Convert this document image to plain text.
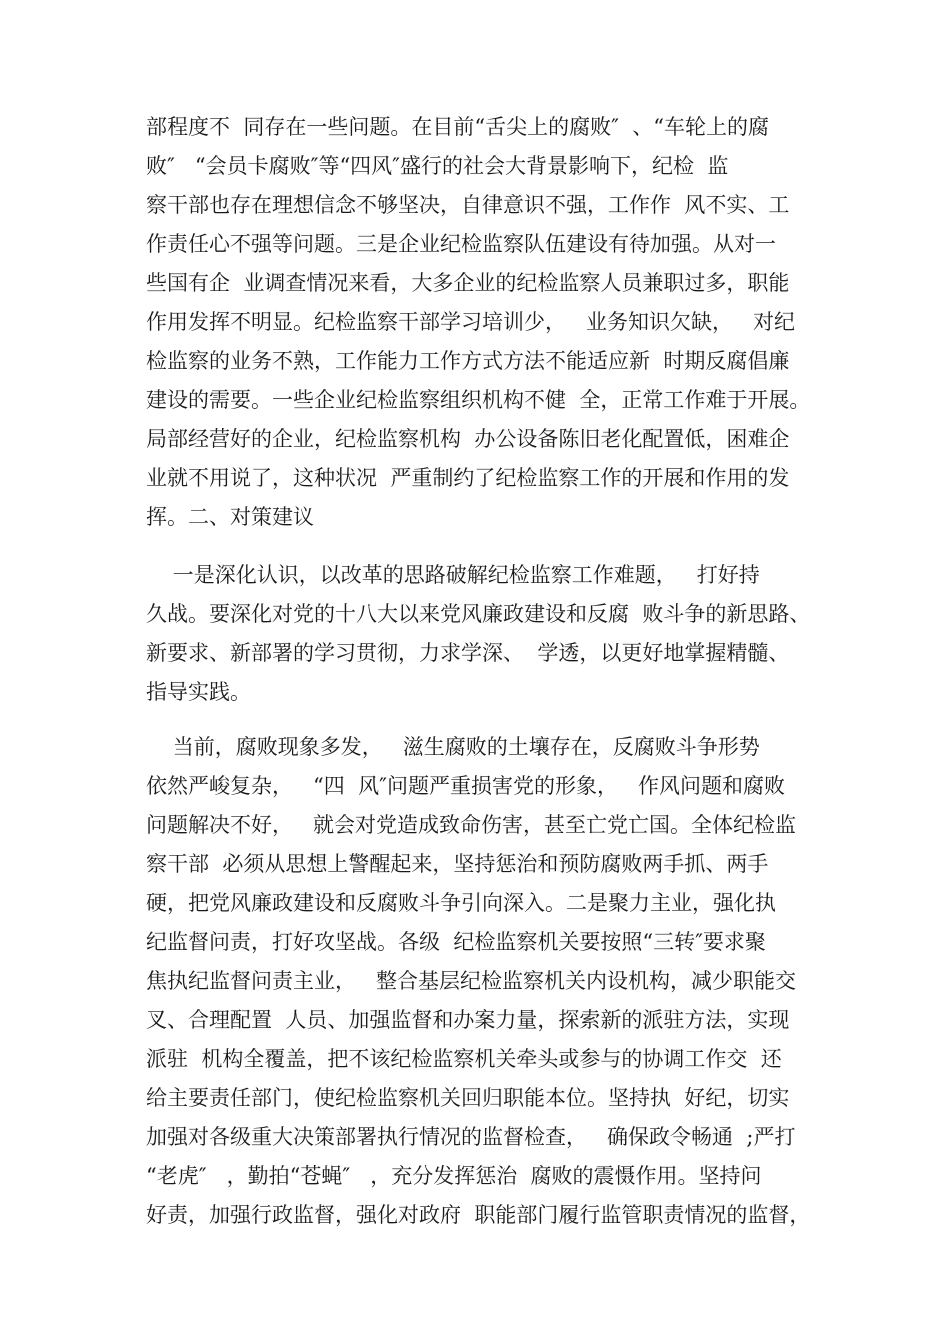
部程度不  同存在一些问题。在目前“舌尖上的腐败″  、“车轮上的腐
败″   “会员卡腐败″等“四风″盛行的社会大背景影响下，纪检  监
察干部也存在理想信念不够坚决，自律意识不强，工作作  风不实、工
作责任心不强等问题。三是企业纪检监察队伍建设有待加强。从对一
些国有企  业调查情况来看，大多企业的纪检监察人员兼职过多，职能
作用发挥不明显。纪检监察干部学习培训少，   业务知识欠缺，   对纪
检监察的业务不熟，工作能力工作方式方法不能适应新  时期反腐倡廉
建设的需要。一些企业纪检监察组织机构不健  全，正常工作难于开展。
局部经营好的企业，纪检监察机构  办公设备陈旧老化配置低，困难企
业就不用说了，这种状况  严重制约了纪检监察工作的开展和作用的发
挥。二、对策建议
一是深化认识，以改革的思路破解纪检监察工作难题，   打好持
久战。要深化对党的十八大以来党风廉政建设和反腐  败斗争的新思路、
新要求、新部署的学习贯彻，力求学深、  学透，以更好地掌握精髓、
指导实践。
当前，腐败现象多发，   滋生腐败的土壤存在，反腐败斗争形势
依然严峻复杂，   “四  风″问题严重损害党的形象，   作风问题和腐败
问题解决不好，   就会对党造成致命伤害，甚至亡党亡国。全体纪检监
察干部  必须从思想上警醒起来，坚持惩治和预防腐败两手抓、两手
硬，把党风廉政建设和反腐败斗争引向深入。二是聚力主业，强化执
纪监督问责，打好攻坚战。各级  纪检监察机关要按照“三转″要求聚
焦执纪监督问责主业，   整合基层纪检监察机关内设机构，减少职能交
叉、合理配置  人员、加强监督和办案力量，探索新的派驻方法，实现
派驻  机构全覆盖，把不该纪检监察机关牵头或参与的协调工作交  还
给主要责任部门，使纪检监察机关回归职能本位。坚持执  好纪，切实
加强对各级重大决策部署执行情况的监督检查，   确保政令畅通  ;严打
“老虎″   ，勤拍“苍蝇″   ，充分发挥惩治  腐败的震慑作用。坚持问
好责，加强行政监督，强化对政府  职能部门履行监管职责情况的监督，
